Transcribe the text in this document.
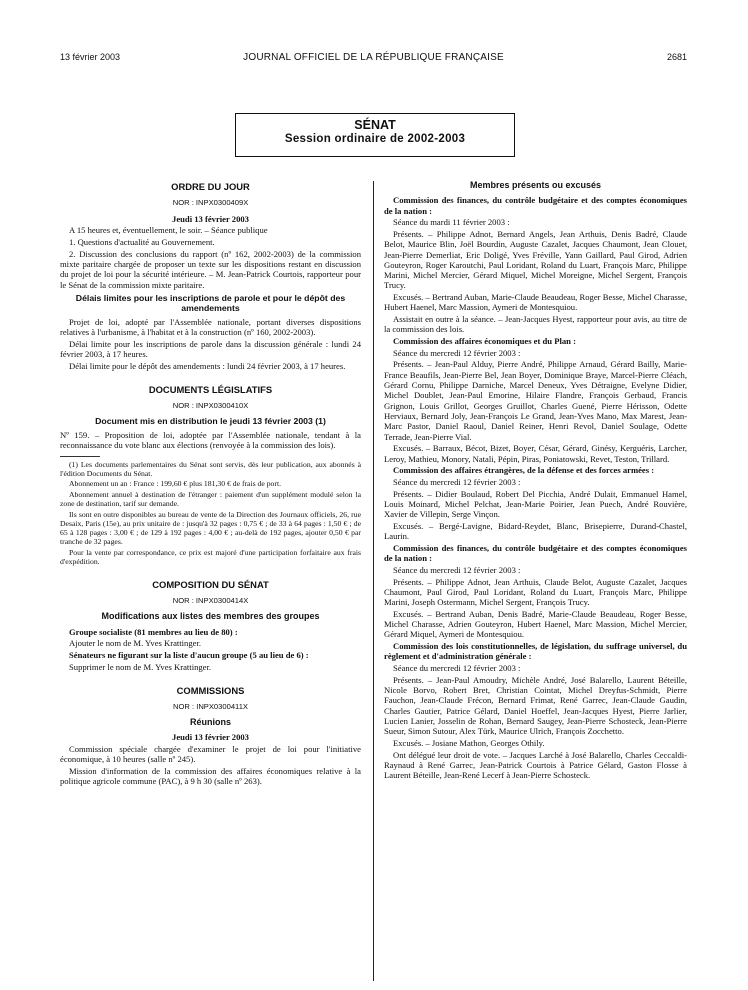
13 février 2003	JOURNAL OFFICIEL DE LA RÉPUBLIQUE FRANÇAISE	2681
SÉNAT
Session ordinaire de 2002-2003
ORDRE DU JOUR
NOR : INPX0300409X

Jeudi 13 février 2003

A 15 heures et, éventuellement, le soir. – Séance publique

1. Questions d'actualité au Gouvernement.

2. Discussion des conclusions du rapport (nº 162, 2002-2003) de la commission mixte paritaire chargée de proposer un texte sur les dispositions restant en discussion du projet de loi pour la sécurité intérieure. – M. Jean-Patrick Courtois, rapporteur pour le Sénat de la commission mixte paritaire.

Délais limites pour les inscriptions de parole et pour le dépôt des amendements

Projet de loi, adopté par l'Assemblée nationale, portant diverses dispositions relatives à l'urbanisme, à l'habitat et à la construction (nº 160, 2002-2003).

Délai limite pour les inscriptions de parole dans la discussion générale : lundi 24 février 2003, à 17 heures.

Délai limite pour le dépôt des amendements : lundi 24 février 2003, à 17 heures.

DOCUMENTS LÉGISLATIFS
NOR : INPX0300410X
Document mis en distribution le jeudi 13 février 2003 (1)

Nº 159. – Proposition de loi, adoptée par l'Assemblée nationale, tendant à la reconnaissance du vote blanc aux élections (renvoyée à la commission des lois).

(1) Les documents parlementaires du Sénat sont servis, dès leur publication, aux abonnés à l'édition Documents du Sénat.

Abonnement un an : France : 199,60 € plus 181,30 € de frais de port.

Abonnement annuel à destination de l'étranger : paiement d'un supplément modulé selon la zone de destination, tarif sur demande.

Ils sont en outre disponibles au bureau de vente de la Direction des Journaux officiels, 26, rue Desaix, Paris (15e), au prix unitaire de : jusqu'à 32 pages : 0,75 € ; de 33 à 64 pages : 1,50 € ; de 65 à 128 pages : 3,00 € ; de 129 à 192 pages : 4,00 € ; au-delà de 192 pages, ajouter 0,50 € par tranche de 32 pages.

Pour la vente par correspondance, ce prix est majoré d'une participation forfaitaire aux frais d'expédition.

COMPOSITION DU SÉNAT
NOR : INPX0300414X
Modifications aux listes des membres des groupes

Groupe socialiste (81 membres au lieu de 80) :

Ajouter le nom de M. Yves Krattinger.

Sénateurs ne figurant sur la liste d'aucun groupe (5 au lieu de 6) :

Supprimer le nom de M. Yves Krattinger.

COMMISSIONS
NOR : INPX0300411X
Réunions

Jeudi 13 février 2003

Commission spéciale chargée d'examiner le projet de loi pour l'initiative économique, à 10 heures (salle nº 245).

Mission d'information de la commission des affaires économiques relative à la politique agricole commune (PAC), à 9 h 30 (salle nº 263).

Membres présents ou excusés

Commission des finances, du contrôle budgétaire et des comptes économiques de la nation :

Séance du mardi 11 février 2003 :

Présents. – Philippe Adnot, Bernard Angels, Jean Arthuis, Denis Badré, Claude Belot, Maurice Blin, Joël Bourdin, Auguste Cazalet, Jacques Chaumont, Jean Clouet, Jean-Pierre Demerliat, Eric Doligé, Yves Fréville, Yann Gaillard, Paul Girod, Adrien Gouteyron, Roger Karoutchi, Paul Loridant, Roland du Luart, François Marc, Philippe Marini, Michel Mercier, Gérard Miquel, Michel Moreigne, Michel Sergent, François Trucy.

Excusés. – Bertrand Auban, Marie-Claude Beaudeau, Roger Besse, Michel Charasse, Hubert Haenel, Marc Massion, Aymeri de Montesquiou.

Assistait en outre à la séance. – Jean-Jacques Hyest, rapporteur pour avis, au titre de la commission des lois.

Commission des affaires économiques et du Plan :

Séance du mercredi 12 février 2003 :

Présents. – Jean-Paul Alduy, Pierre André, Philippe Arnaud, Gérard Bailly, Marie-France Beaufils, Jean-Pierre Bel, Jean Boyer, Dominique Braye, Marcel-Pierre Cléach, Gérard Cornu, Philippe Darniche, Marcel Deneux, Yves Détraigne, Evelyne Didier, Michel Doublet, Jean-Paul Emorine, Hilaire Flandre, François Gerbaud, Francis Grignon, Louis Grillot, Georges Gruillot, Charles Guené, Pierre Hérisson, Odette Herviaux, Bernard Joly, Jean-François Le Grand, Jean-Yves Mano, Max Marest, Jean-Marc Pastor, Daniel Raoul, Daniel Reiner, Henri Revol, Daniel Soulage, Odette Terrade, Jean-Pierre Vial.

Excusés. – Barraux, Bécot, Bizet, Boyer, César, Gérard, Ginésy, Kerguéris, Larcher, Leroy, Mathieu, Monory, Natali, Pépin, Piras, Poniatowski, Revet, Teston, Trillard.

Commission des affaires étrangères, de la défense et des forces armées :

Séance du mercredi 12 février 2003 :

Présents. – Didier Boulaud, Robert Del Picchia, André Dulait, Emmanuel Hamel, Louis Moinard, Michel Pelchat, Jean-Marie Poirier, Jean Puech, André Rouvière, Xavier de Villepin, Serge Vinçon.

Excusés. – Bergé-Lavigne, Bidard-Reydet, Blanc, Brisepierre, Durand-Chastel, Laurin.

Commission des finances, du contrôle budgétaire et des comptes économiques de la nation :

Séance du mercredi 12 février 2003 :

Présents. – Philippe Adnot, Jean Arthuis, Claude Belot, Auguste Cazalet, Jacques Chaumont, Paul Girod, Paul Loridant, Roland du Luart, François Marc, Philippe Marini, Joseph Ostermann, Michel Sergent, François Trucy.

Excusés. – Bertrand Auban, Denis Badré, Marie-Claude Beaudeau, Roger Besse, Michel Charasse, Adrien Gouteyron, Hubert Haenel, Marc Massion, Michel Mercier, Gérard Miquel, Aymeri de Montesquiou.

Commission des lois constitutionnelles, de législation, du suffrage universel, du règlement et d'administration générale :

Séance du mercredi 12 février 2003 :

Présents. – Jean-Paul Amoudry, Michèle André, José Balarello, Laurent Béteille, Nicole Borvo, Robert Bret, Christian Cointat, Michel Dreyfus-Schmidt, Pierre Fauchon, Jean-Claude Frécon, Bernard Frimat, René Garrec, Jean-Claude Gaudin, Charles Gautier, Patrice Gélard, Daniel Hoeffel, Jean-Jacques Hyest, Pierre Jarlier, Lucien Lanier, Josselin de Rohan, Bernard Saugey, Jean-Pierre Schosteck, Jean-Pierre Sueur, Simon Sutour, Alex Türk, Maurice Ulrich, François Zocchetto.

Excusés. – Josiane Mathon, Georges Othily.

Ont délégué leur droit de vote. – Jacques Larché à José Balarello, Charles Ceccaldi-Raynaud à René Garrec, Jean-Patrick Courtois à Patrice Gélard, Gaston Flosse à Laurent Béteille, Jean-René Lecerf à Jean-Pierre Schosteck.
